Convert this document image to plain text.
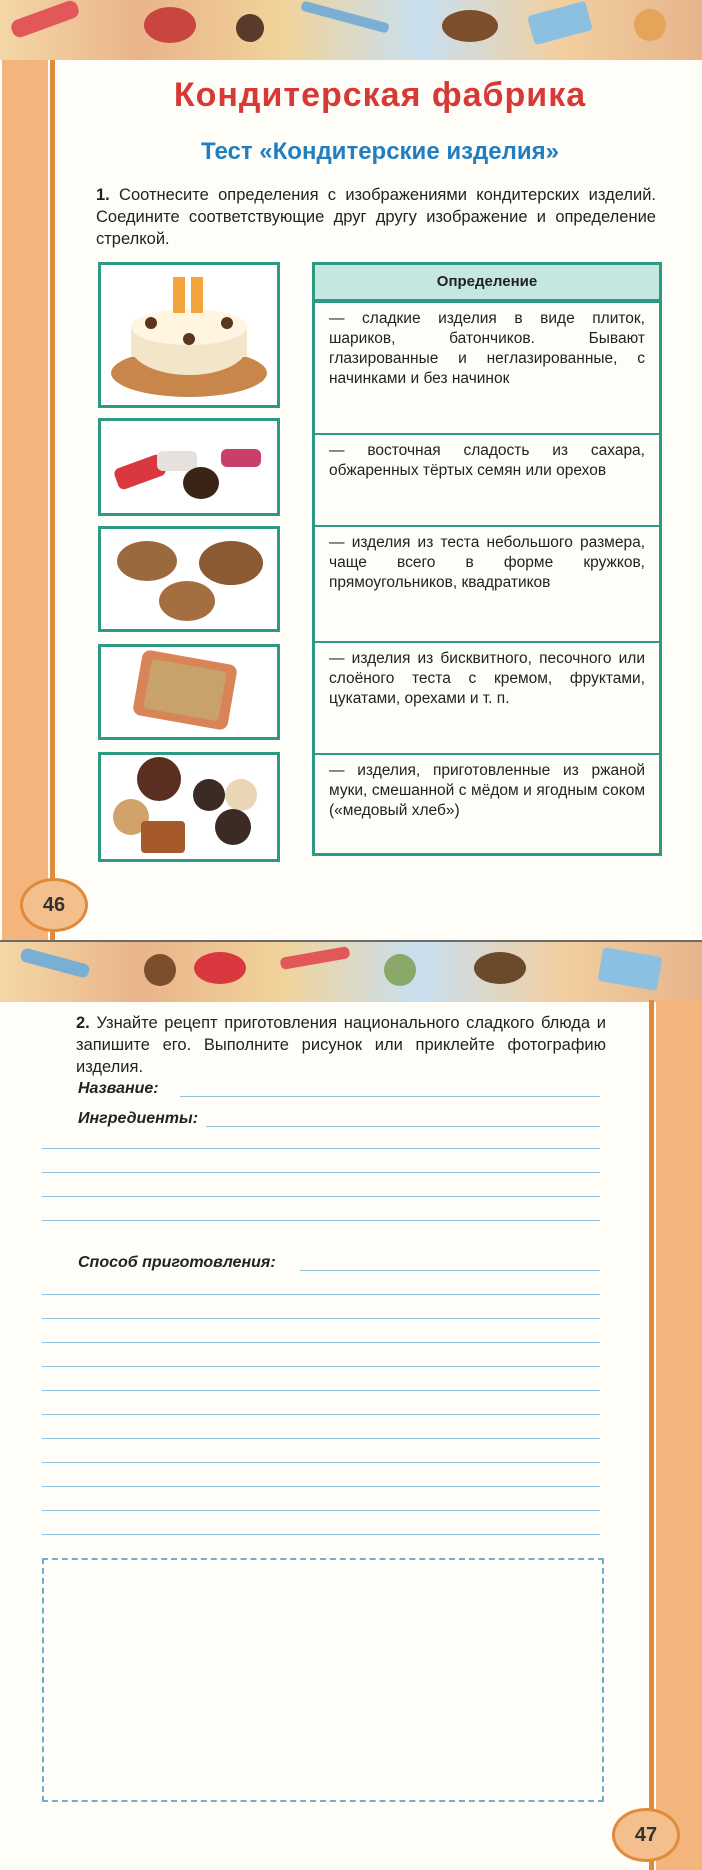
Кондитерская фабрика
Тест «Кондитерские изделия»
1. Соотнесите определения с изображениями кондитерских изделий. Соедините соответствующие друг другу изображение и определение стрелкой.
Определение
— сладкие изделия в виде плиток, шариков, батончиков. Бывают глазированные и неглазированные, с начинками и без начинок
— восточная сладость из сахара, обжаренных тёртых семян или орехов
— изделия из теста небольшого размера, чаще всего в форме кружков, прямоугольников, квадратиков
— изделия из бисквитного, песочного или слоёного теста с кремом, фруктами, цукатами, орехами и т. п.
— изделия, приготовленные из ржаной муки, смешанной с мёдом и ягодным соком («медовый хлеб»)
46
2. Узнайте рецепт приготовления национального сладкого блюда и запишите его. Выполните рисунок или приклейте фотографию изделия.
Название:
Ингредиенты:
Способ приготовления:
47
